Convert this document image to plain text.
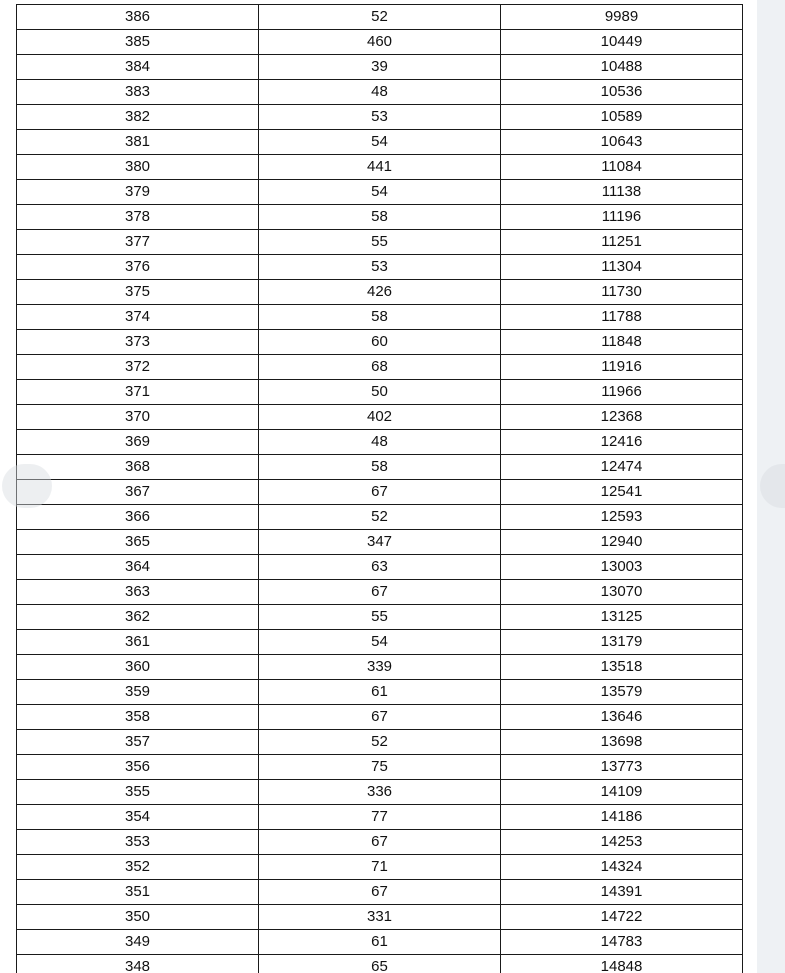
386	52	9989
385	460	10449
384	39	10488
383	48	10536
382	53	10589
381	54	10643
380	441	11084
379	54	11138
378	58	11196
377	55	11251
376	53	11304
375	426	11730
374	58	11788
373	60	11848
372	68	11916
371	50	11966
370	402	12368
369	48	12416
368	58	12474
367	67	12541
366	52	12593
365	347	12940
364	63	13003
363	67	13070
362	55	13125
361	54	13179
360	339	13518
359	61	13579
358	67	13646
357	52	13698
356	75	13773
355	336	14109
354	77	14186
353	67	14253
352	71	14324
351	67	14391
350	331	14722
349	61	14783
348	65	14848
